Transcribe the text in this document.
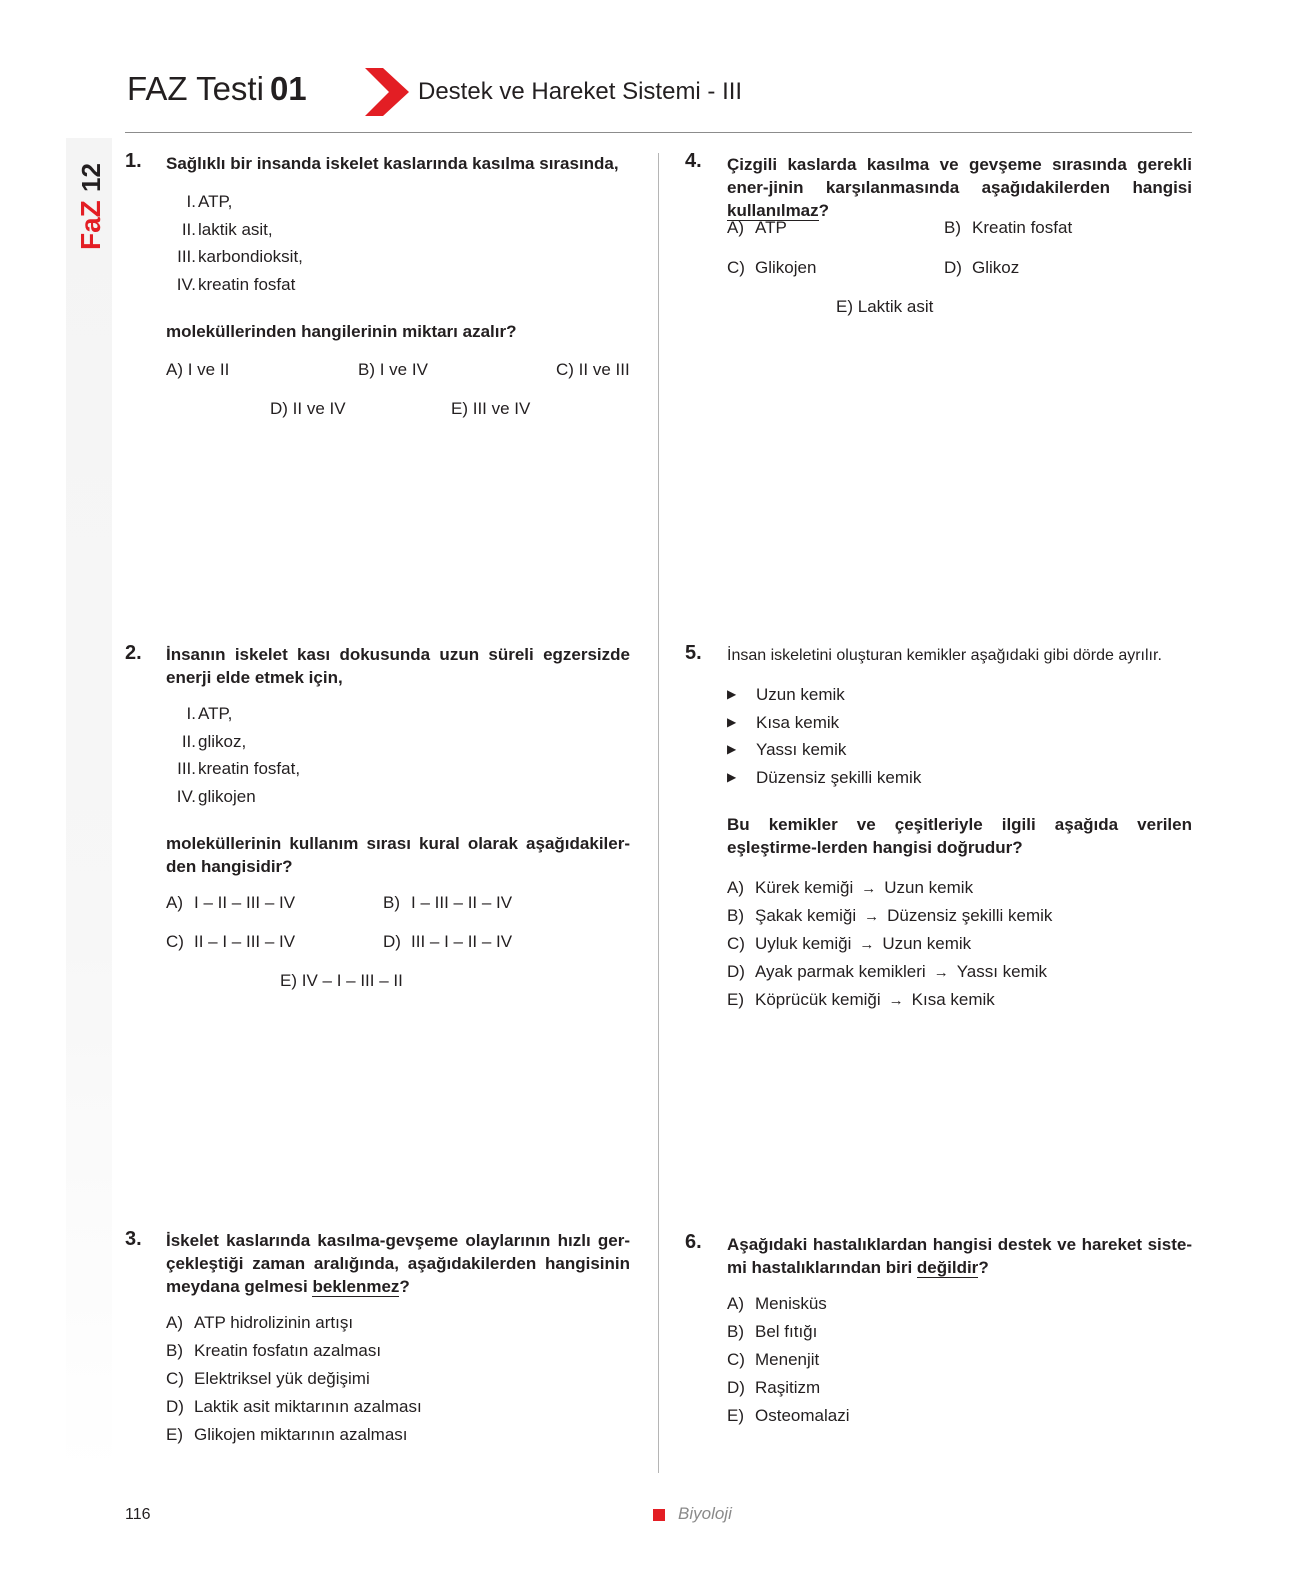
FAZ Testi 01	Destek ve Hareket Sistemi - III
12
FaZ
1. Sağlıklı bir insanda iskelet kaslarında kasılma sırasında,
I. ATP,
II. laktik asit,
III. karbondioksit,
IV. kreatin fosfat
moleküllerinden hangilerinin miktarı azalır?
A) I ve II	B) I ve IV	C) II ve III
D) II ve IV	E) III ve IV
2. İnsanın iskelet kası dokusunda uzun süreli egzersizde enerji elde etmek için,
I. ATP,
II. glikoz,
III. kreatin fosfat,
IV. glikojen
moleküllerinin kullanım sırası kural olarak aşağıdakiler-den hangisidir?
A) I – II – III – IV	B) I – III – II – IV
C) II – I – III – IV	D) III – I – II – IV
E) IV – I – III – II
3. İskelet kaslarında kasılma-gevşeme olaylarının hızlı ger-çekleştiği zaman aralığında, aşağıdakilerden hangisinin meydana gelmesi beklenmez?
A) ATP hidrolizinin artışı
B) Kreatin fosfatın azalması
C) Elektriksel yük değişimi
D) Laktik asit miktarının azalması
E) Glikojen miktarının azalması
4. Çizgili kaslarda kasılma ve gevşeme sırasında gerekli ener-jinin karşılanmasında aşağıdakilerden hangisi kullanılmaz?
A) ATP	B) Kreatin fosfat
C) Glikojen	D) Glikoz
E) Laktik asit
5. İnsan iskeletini oluşturan kemikler aşağıdaki gibi dörde ayrılır.
▶ Uzun kemik
▶ Kısa kemik
▶ Yassı kemik
▶ Düzensiz şekilli kemik
Bu kemikler ve çeşitleriyle ilgili aşağıda verilen eşleştirme-lerden hangisi doğrudur?
A) Kürek kemiği → Uzun kemik
B) Şakak kemiği → Düzensiz şekilli kemik
C) Uyluk kemiği → Uzun kemik
D) Ayak parmak kemikleri → Yassı kemik
E) Köprücük kemiği → Kısa kemik
6. Aşağıdaki hastalıklardan hangisi destek ve hareket siste-mi hastalıklarından biri değildir?
A) Menisküs
B) Bel fıtığı
C) Menenjit
D) Raşitizm
E) Osteomalazi
116	Biyoloji
